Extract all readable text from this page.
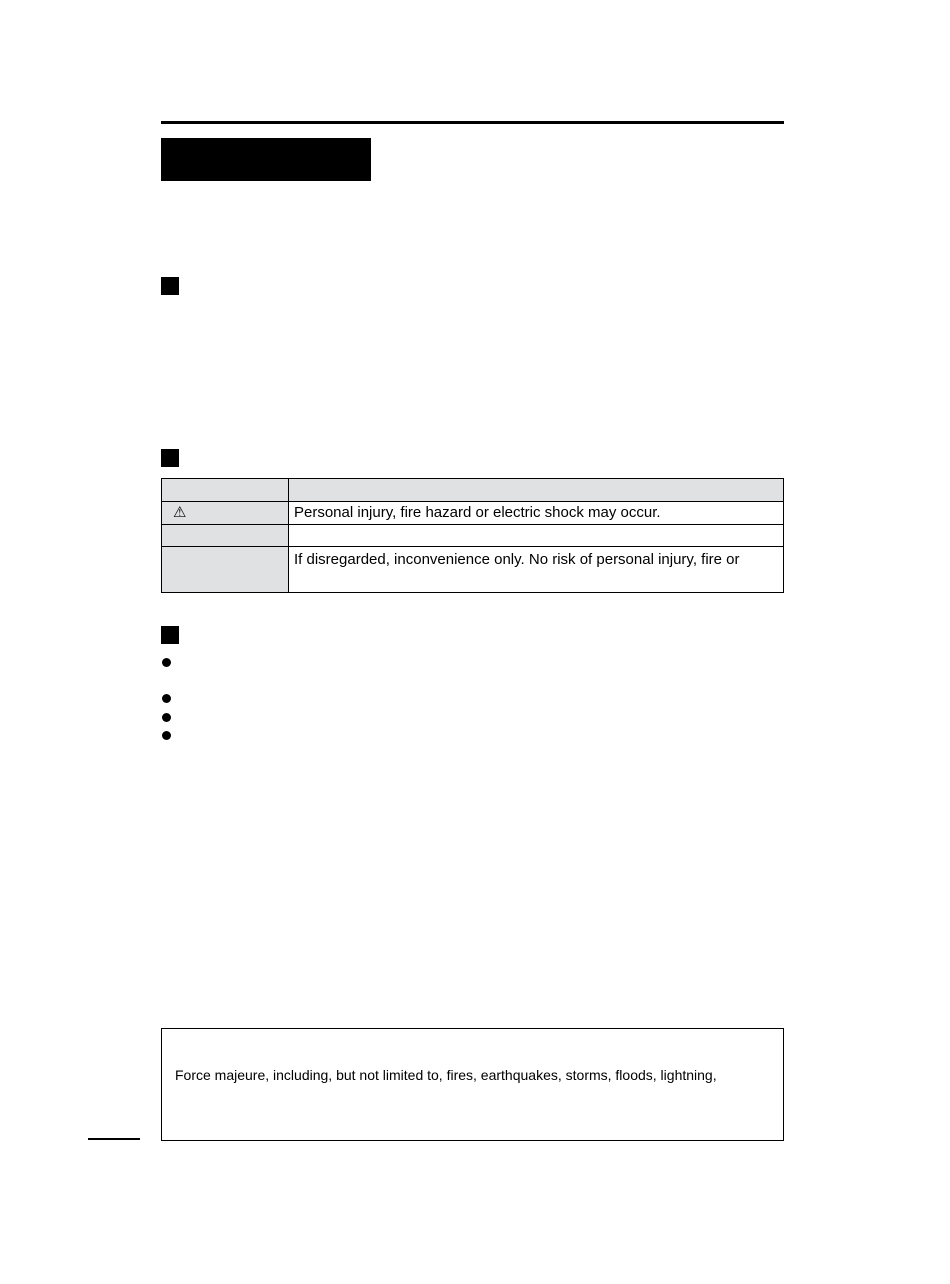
⚠	Personal injury, fire hazard or electric shock may occur.

	If disregarded, inconvenience only. No risk of personal injury, fire or
Force majeure, including, but not limited to, fires, earthquakes, storms, floods, lightning,
